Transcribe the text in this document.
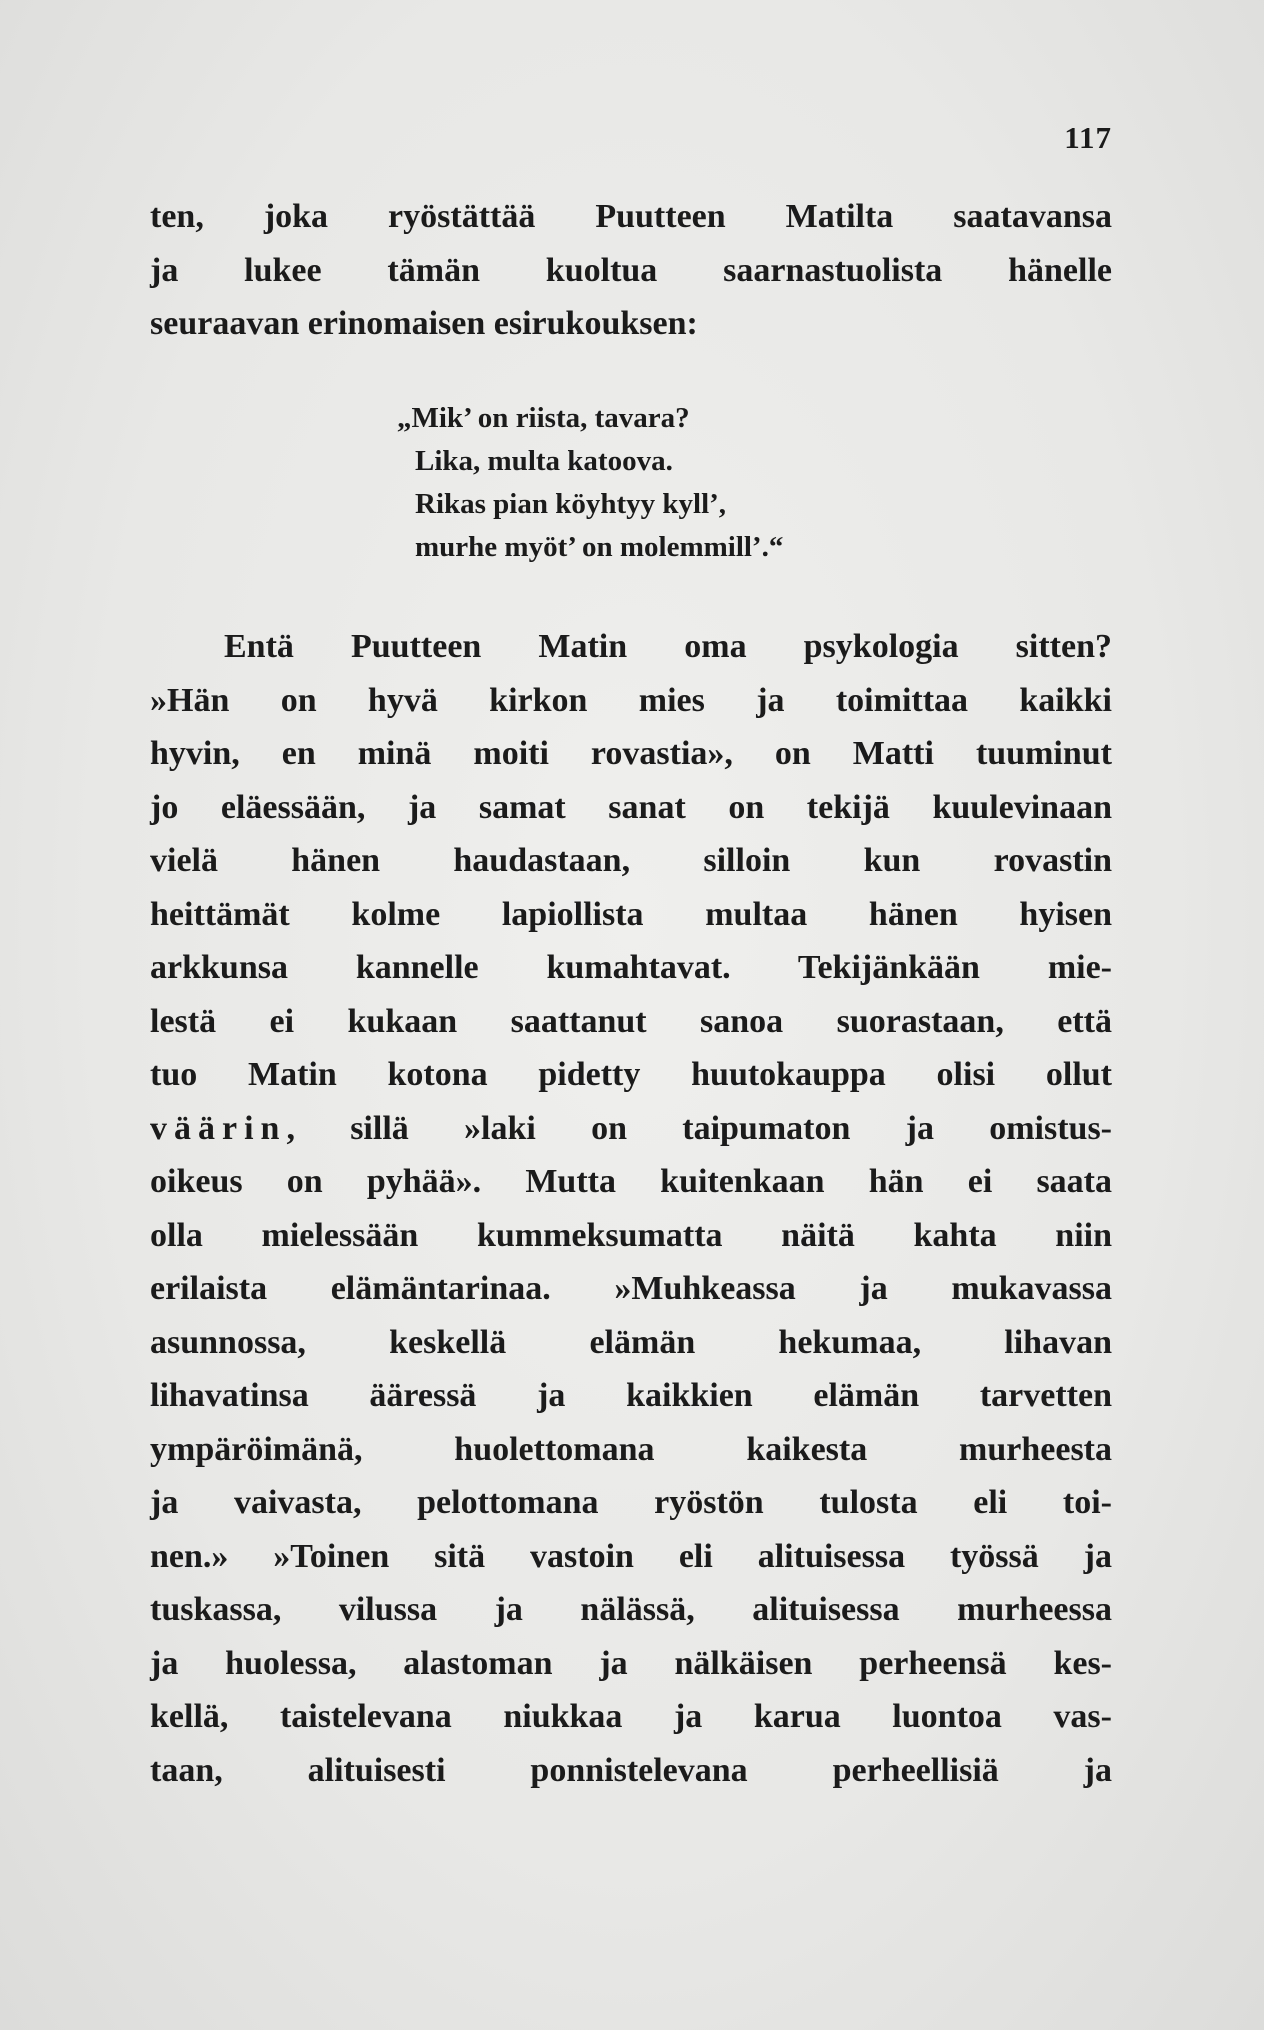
117
ten, joka ryöstättää Puutteen Matilta saatavansa
ja lukee tämän kuoltua saarnastuolista hänelle
seuraavan erinomaisen esirukouksen:
„Mik’ on riista, tavara?
Lika, multa katoova.
Rikas pian köyhtyy kyll’,
murhe myöt’ on molemmill’.“
Entä Puutteen Matin oma psykologia sitten?
»Hän on hyvä kirkon mies ja toimittaa kaikki
hyvin, en minä moiti rovastia», on Matti tuuminut
jo eläessään, ja samat sanat on tekijä kuulevinaan
vielä hänen haudastaan, silloin kun rovastin
heittämät kolme lapiollista multaa hänen hyisen
arkkunsa kannelle kumahtavat. Tekijänkään mie-
lestä ei kukaan saattanut sanoa suorastaan, että
tuo Matin kotona pidetty huutokauppa olisi ollut
väärin, sillä »laki on taipumaton ja omistus-
oikeus on pyhää». Mutta kuitenkaan hän ei saata
olla mielessään kummeksumatta näitä kahta niin
erilaista elämäntarinaa. »Muhkeassa ja mukavassa
asunnossa, keskellä elämän hekumaa, lihavan
lihavatinsa ääressä ja kaikkien elämän tarvetten
ympäröimänä, huolettomana kaikesta murheesta
ja vaivasta, pelottomana ryöstön tulosta eli toi-
nen.» »Toinen sitä vastoin eli alituisessa työssä ja
tuskassa, vilussa ja nälässä, alituisessa murheessa
ja huolessa, alastoman ja nälkäisen perheensä kes-
kellä, taistelevana niukkaa ja karua luontoa vas-
taan, alituisesti ponnistelevana perheellisiä ja
